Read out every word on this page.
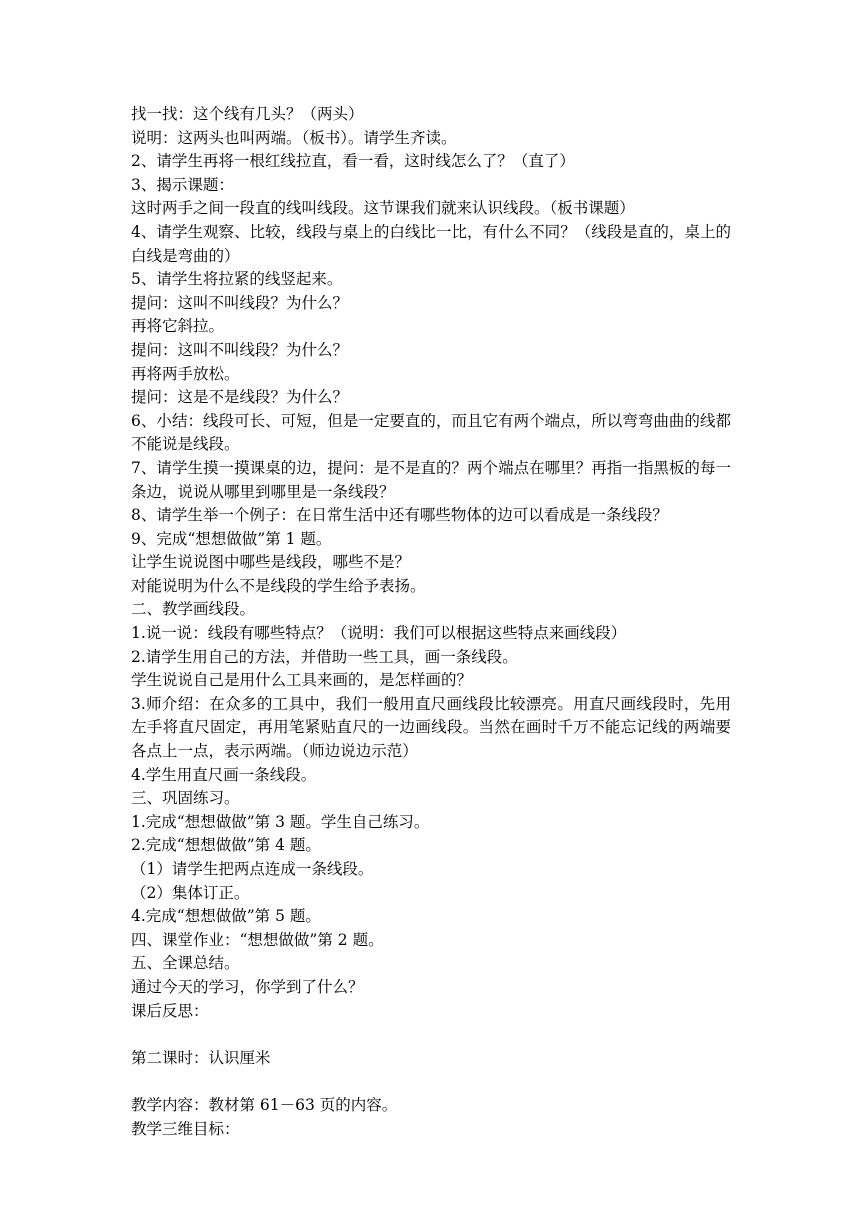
找一找：这个线有几头？（两头）
说明：这两头也叫两端。（板书）。请学生齐读。
2、请学生再将一根红线拉直，看一看，这时线怎么了？（直了）
3、揭示课题：
这时两手之间一段直的线叫线段。这节课我们就来认识线段。（板书课题）
4、请学生观察、比较，线段与桌上的白线比一比，有什么不同？（线段是直的，桌上的白线是弯曲的）
5、请学生将拉紧的线竖起来。
提问：这叫不叫线段？为什么？
再将它斜拉。
提问：这叫不叫线段？为什么？
再将两手放松。
提问：这是不是线段？为什么？
6、小结：线段可长、可短，但是一定要直的，而且它有两个端点，所以弯弯曲曲的线都不能说是线段。
7、请学生摸一摸课桌的边，提问：是不是直的？两个端点在哪里？再指一指黑板的每一条边，说说从哪里到哪里是一条线段？
8、请学生举一个例子：在日常生活中还有哪些物体的边可以看成是一条线段？
9、完成“想想做做”第 1 题。
让学生说说图中哪些是线段，哪些不是？
对能说明为什么不是线段的学生给予表扬。
二、教学画线段。
1.说一说：线段有哪些特点？（说明：我们可以根据这些特点来画线段）
2.请学生用自己的方法，并借助一些工具，画一条线段。
学生说说自己是用什么工具来画的，是怎样画的？
3.师介绍：在众多的工具中，我们一般用直尺画线段比较漂亮。用直尺画线段时，先用左手将直尺固定，再用笔紧贴直尺的一边画线段。当然在画时千万不能忘记线的两端要各点上一点，表示两端。（师边说边示范）
4.学生用直尺画一条线段。
三、巩固练习。
1.完成“想想做做”第 3 题。学生自己练习。
2.完成“想想做做”第 4 题。
（1）请学生把两点连成一条线段。
（2）集体订正。
4.完成“想想做做”第 5 题。
四、课堂作业：“想想做做”第 2 题。
五、全课总结。
通过今天的学习，你学到了什么？
课后反思：
第二课时：认识厘米
教学内容：教材第 61－63 页的内容。
教学三维目标：
